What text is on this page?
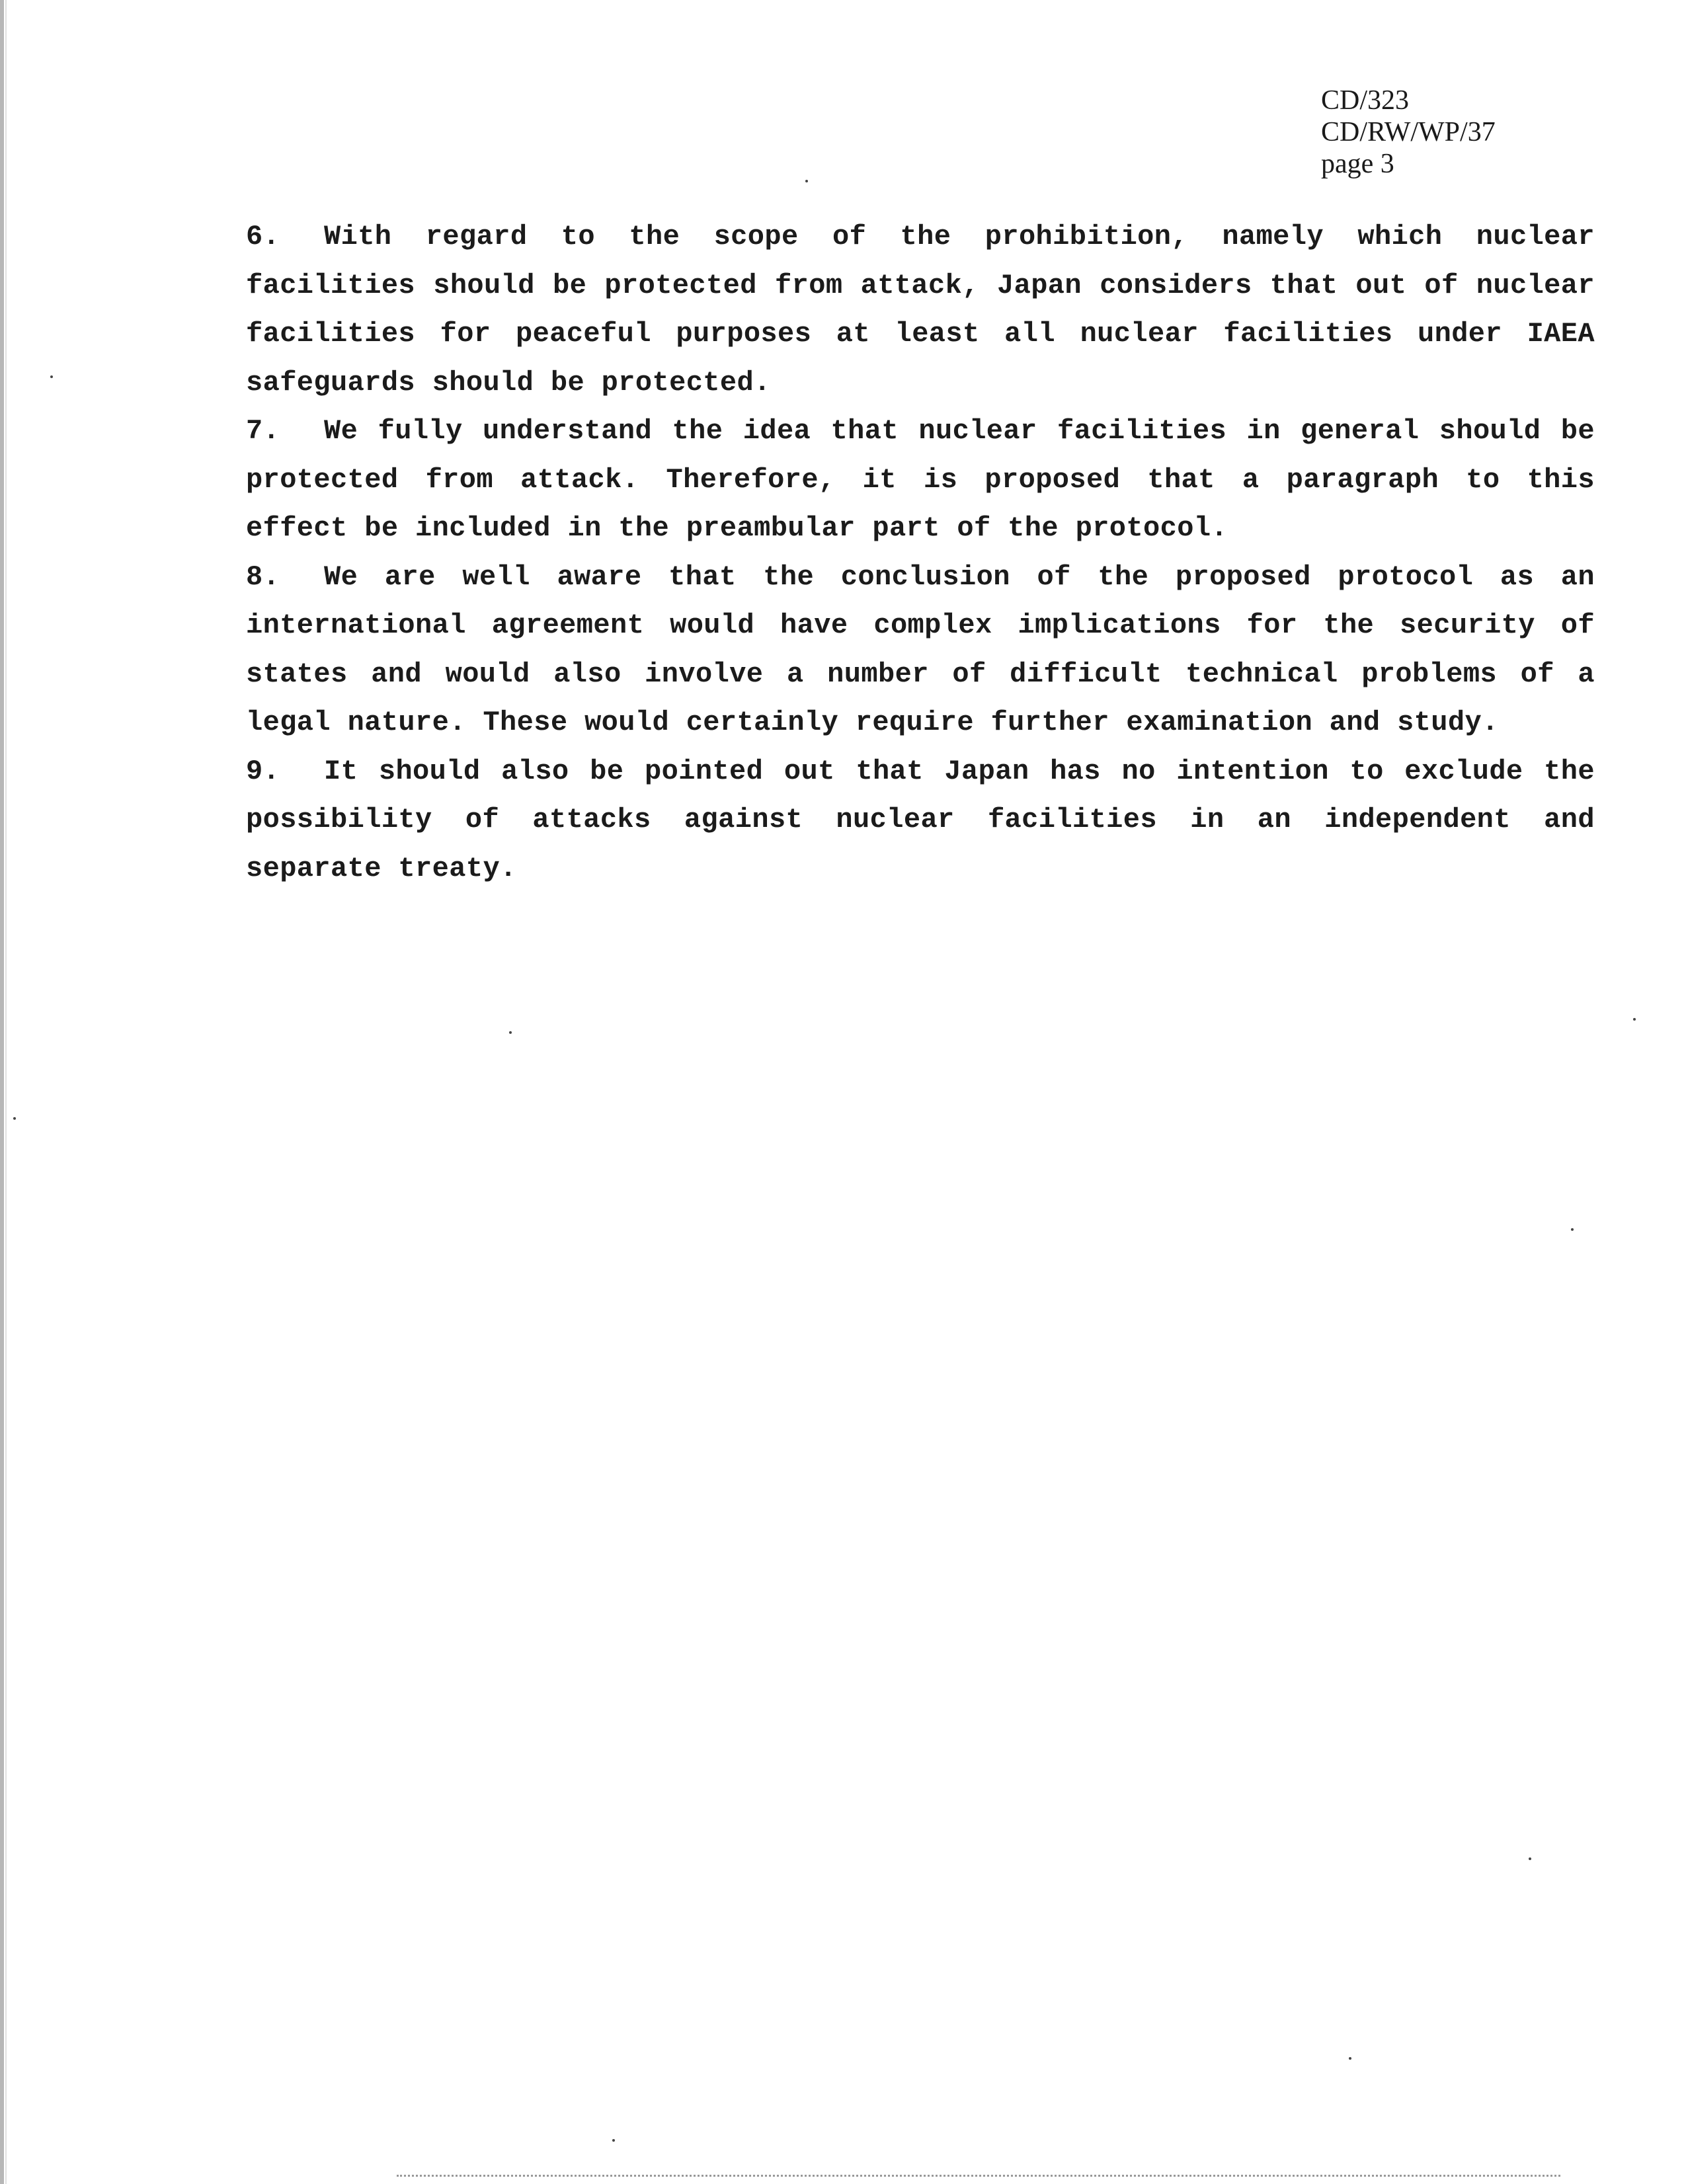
CD/323
CD/RW/WP/37
page 3

6. With regard to the scope of the prohibition, namely which nuclear facilities should be protected from attack, Japan considers that out of nuclear facilities for peaceful purposes at least all nuclear facilities under IAEA safeguards should be protected.

7. We fully understand the idea that nuclear facilities in general should be protected from attack. Therefore, it is proposed that a paragraph to this effect be included in the preambular part of the protocol.

8. We are well aware that the conclusion of the proposed protocol as an international agreement would have complex implications for the security of states and would also involve a number of difficult technical problems of a legal nature. These would certainly require further examination and study.

9. It should also be pointed out that Japan has no intention to exclude the possibility of attacks against nuclear facilities in an independent and separate treaty.
